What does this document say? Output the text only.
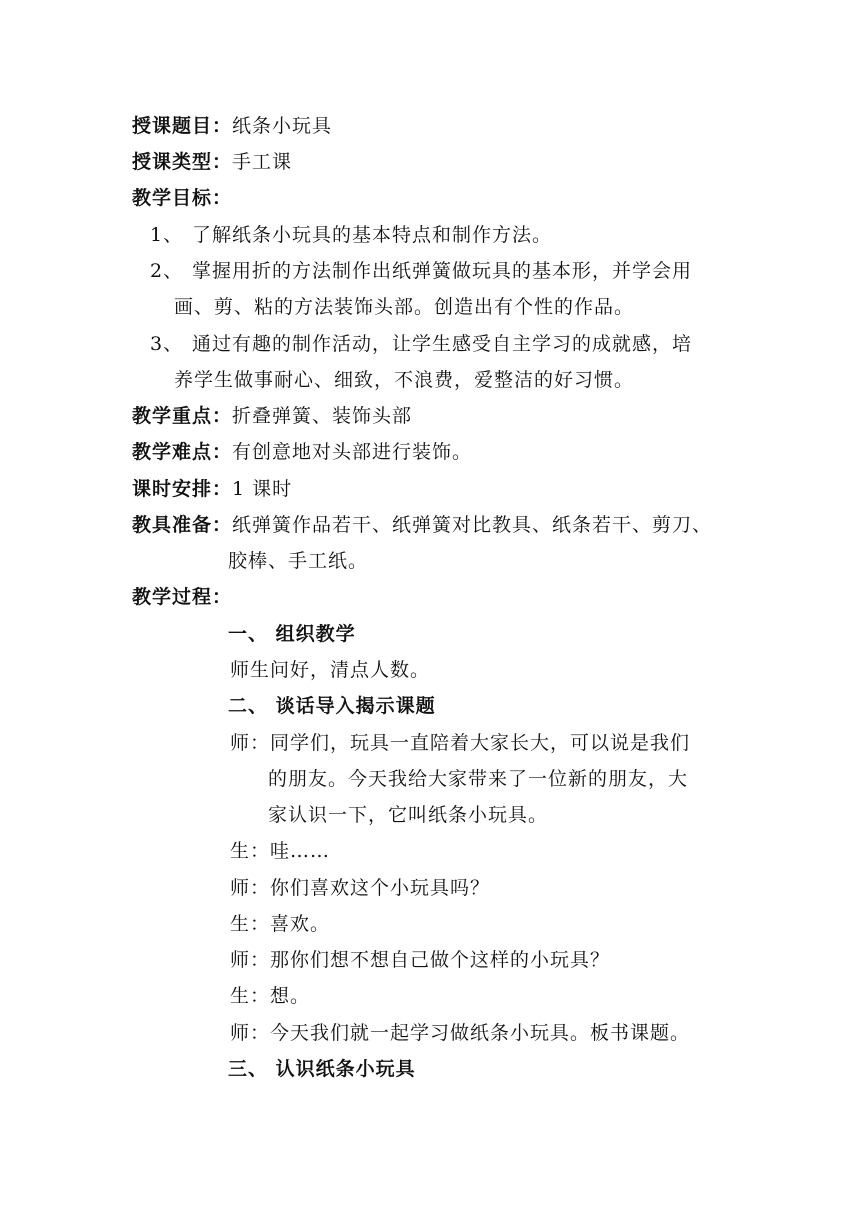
授课题目：纸条小玩具
授课类型：手工课
教学目标：
1、 了解纸条小玩具的基本特点和制作方法。
2、 掌握用折的方法制作出纸弹簧做玩具的基本形，并学会用
画、剪、粘的方法装饰头部。创造出有个性的作品。
3、 通过有趣的制作活动，让学生感受自主学习的成就感，培
养学生做事耐心、细致，不浪费，爱整洁的好习惯。
教学重点：折叠弹簧、装饰头部
教学难点：有创意地对头部进行装饰。
课时安排：1 课时
教具准备：纸弹簧作品若干、纸弹簧对比教具、纸条若干、剪刀、
胶棒、手工纸。
教学过程：
一、 组织教学
师生问好，清点人数。
二、 谈话导入揭示课题
师：同学们，玩具一直陪着大家长大，可以说是我们
的朋友。今天我给大家带来了一位新的朋友，大
家认识一下，它叫纸条小玩具。
生：哇……
师：你们喜欢这个小玩具吗？
生：喜欢。
师：那你们想不想自己做个这样的小玩具？
生：想。
师：今天我们就一起学习做纸条小玩具。板书课题。
三、 认识纸条小玩具
